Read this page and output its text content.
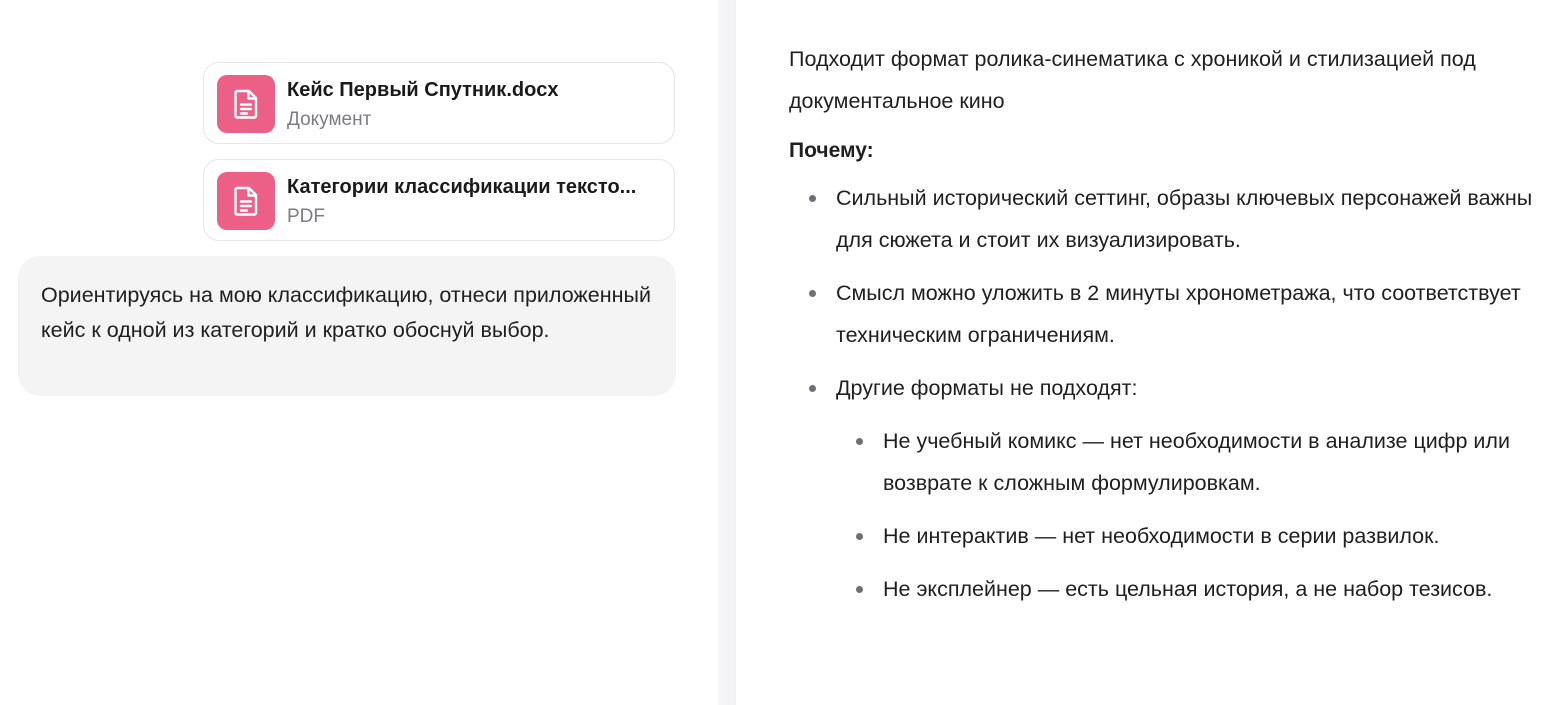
Кейс Первый Спутник.docx
Документ
Категории классификации тексто...
PDF
Ориентируясь на мою классификацию, отнеси приложенный кейс к одной из категорий и кратко обоснуй выбор.

Подходит формат ролика-синематика с хроникой и стилизацией под документальное кино

Почему:

Сильный исторический сеттинг, образы ключевых персонажей важны для сюжета и стоит их визуализировать.
Смысл можно уложить в 2 минуты хронометража, что соответствует техническим ограничениям.
Другие форматы не подходят:
Не учебный комикс — нет необходимости в анализе цифр или возврате к сложным формулировкам.
Не интерактив — нет необходимости в серии развилок.
Не эксплейнер — есть цельная история, а не набор тезисов.
